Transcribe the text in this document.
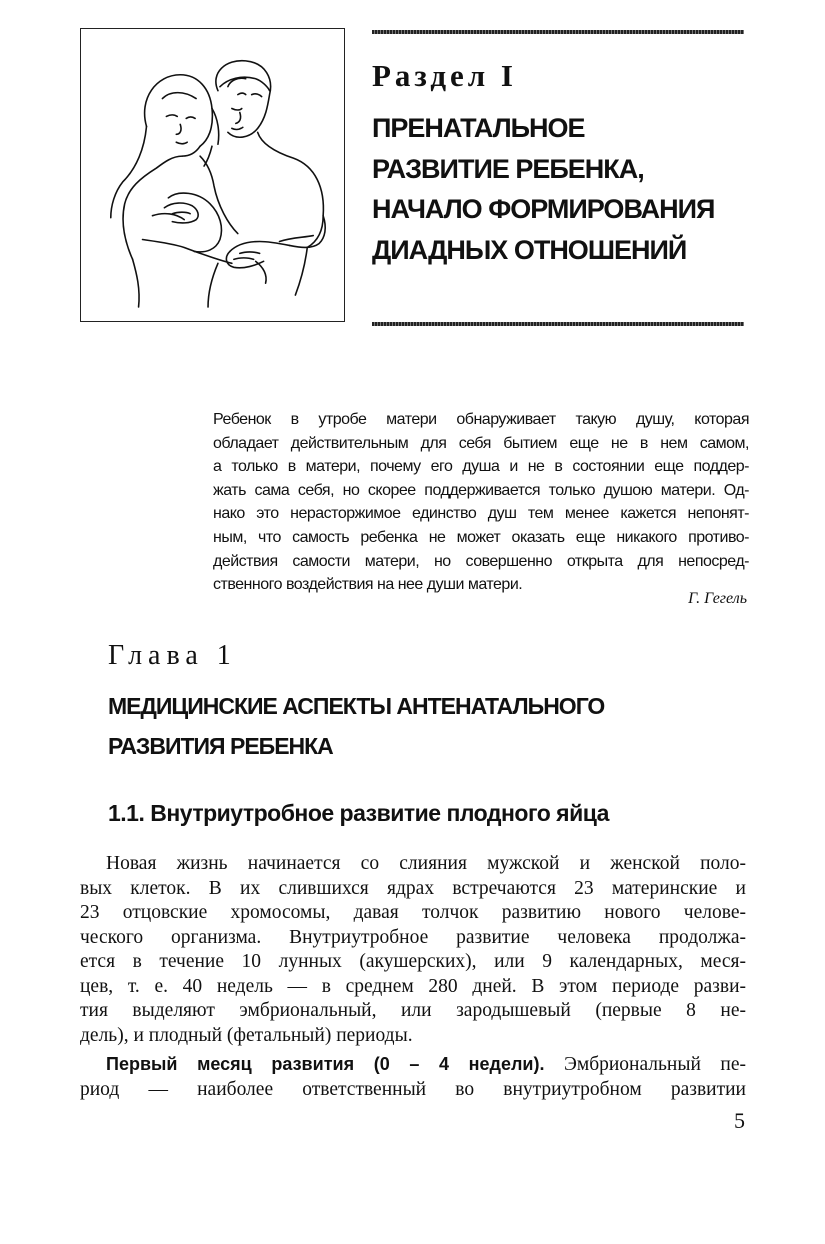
Раздел I
ПРЕНАТАЛЬНОЕ
РАЗВИТИЕ РЕБЕНКА,
НАЧАЛО ФОРМИРОВАНИЯ
ДИАДНЫХ ОТНОШЕНИЙ
Ребенок в утробе матери обнаруживает такую душу, которая
обладает действительным для себя бытием еще не в нем самом,
а только в матери, почему его душа и не в состоянии еще поддер-
жать сама себя, но скорее поддерживается только душою матери. Од-
нако это нерасторжимое единство душ тем менее кажется непонят-
ным, что самость ребенка не может оказать еще никакого противо-
действия самости матери, но совершенно открыта для непосред-
ственного воздействия на нее души матери.
Г. Гегель
Глава 1
МЕДИЦИНСКИЕ АСПЕКТЫ АНТЕНАТАЛЬНОГО
РАЗВИТИЯ РЕБЕНКА
1.1. Внутриутробное развитие плодного яйца
Новая жизнь начинается со слияния мужской и женской поло-
вых клеток. В их слившихся ядрах встречаются 23 материнские и
23 отцовские хромосомы, давая толчок развитию нового челове-
ческого организма. Внутриутробное развитие человека продолжа-
ется в течение 10 лунных (акушерских), или 9 календарных, меся-
цев, т. е. 40 недель — в среднем 280 дней. В этом периоде разви-
тия выделяют эмбриональный, или зародышевый (первые 8 не-
дель), и плодный (фетальный) периоды.
Первый месяц развития (0 – 4 недели). Эмбриональный пе-
риод — наиболее ответственный во внутриутробном развитии
5
